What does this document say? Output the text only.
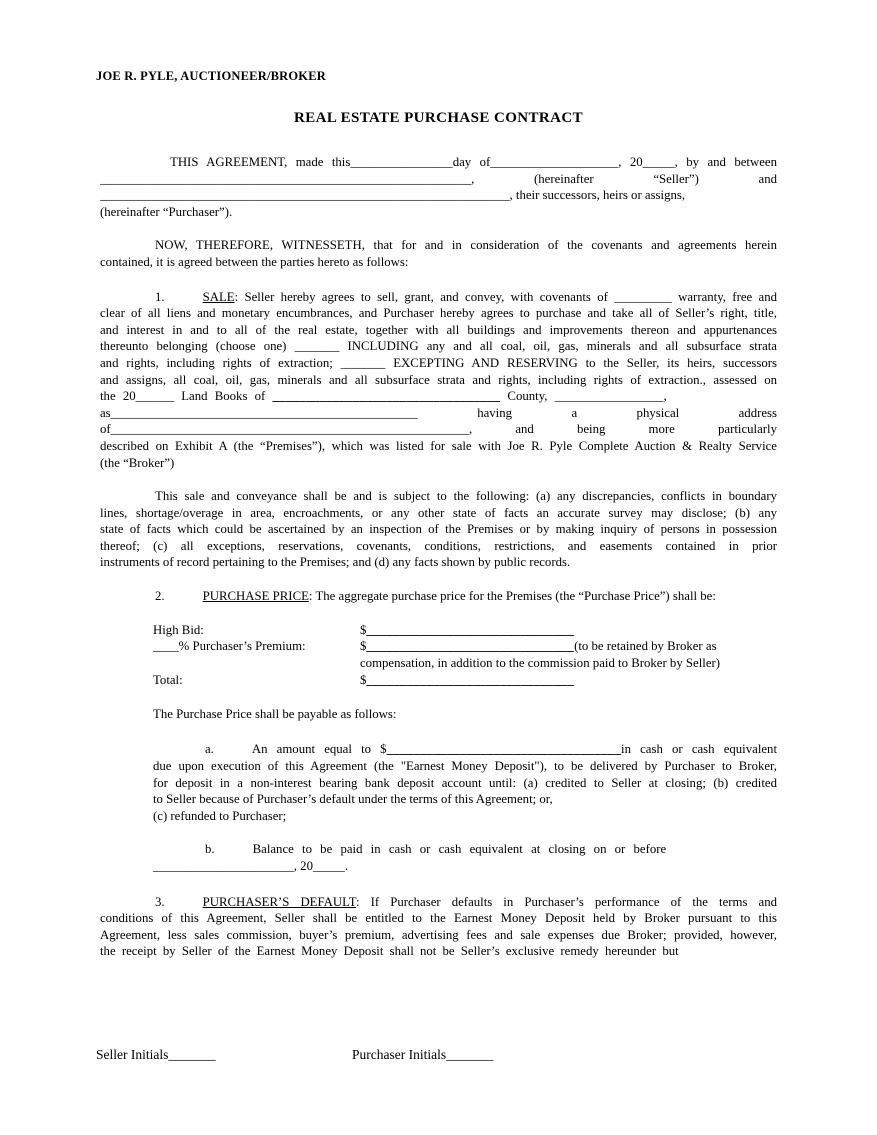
JOE R. PYLE, AUCTIONEER/BROKER
REAL ESTATE PURCHASE CONTRACT
THIS AGREEMENT, made this________________day of____________________, 20_____, by and between
__________________________________________________________, (hereinafter “Seller”) and
________________________________________________________________, their successors, heirs or assigns,
(hereinafter “Purchaser”).
NOW, THEREFORE, WITNESSETH, that for and in consideration of the covenants and agreements herein
contained, it is agreed between the parties hereto as follows:
1.	SALE: Seller hereby agrees to sell, grant, and convey, with covenants of _________ warranty, free and
clear of all liens and monetary encumbrances, and Purchaser hereby agrees to purchase and take all of Seller’s right, title,
and interest in and to all of the real estate, together with all buildings and improvements thereon and appurtenances
thereunto belonging (choose one) _______ INCLUDING any and all coal, oil, gas, minerals and all subsurface strata
and rights, including rights of extraction; _______ EXCEPTING AND RESERVING to the Seller, its heirs, successors
and assigns, all coal, oil, gas, minerals and all subsurface strata and rights, including rights of extraction., assessed on
the 20______ Land Books of __________________________________ County, _________________,
as________________________________________________ having a physical address
of________________________________________________________, and being more particularly
described on Exhibit A (the “Premises”), which was listed for sale with Joe R. Pyle Complete Auction & Realty Service
(the “Broker”)
This sale and conveyance shall be and is subject to the following: (a) any discrepancies, conflicts in boundary
lines, shortage/overage in area, encroachments, or any other state of facts an accurate survey may disclose; (b) any
state of facts which could be ascertained by an inspection of the Premises or by making inquiry of persons in possession
thereof; (c) all exceptions, reservations, covenants, conditions, restrictions, and easements contained in prior
instruments of record pertaining to the Premises; and (d) any facts shown by public records.
2.	PURCHASE PRICE: The aggregate purchase price for the Premises (the “Purchase Price”) shall be:
High Bid:	$_______________________________
____% Purchaser’s Premium:	$_______________________________(to be retained by Broker as
compensation, in addition to the commission paid to Broker by Seller)
Total:	$_______________________________
The Purchase Price shall be payable as follows:
a.	An amount equal to $___________________________________in cash or cash equivalent
due upon execution of this Agreement (the "Earnest Money Deposit"), to be delivered by Purchaser to Broker,
for deposit in a non-interest bearing bank deposit account until: (a) credited to Seller at closing; (b) credited
to Seller because of Purchaser’s default under the terms of this Agreement; or,
(c) refunded to Purchaser;
b.	Balance to be paid in cash or cash equivalent at closing on or before
______________________, 20_____.
3.	PURCHASER’S DEFAULT: If Purchaser defaults in Purchaser’s performance of the terms and
conditions of this Agreement, Seller shall be entitled to the Earnest Money Deposit held by Broker pursuant to this
Agreement, less sales commission, buyer’s premium, advertising fees and sale expenses due Broker; provided, however,
the receipt by Seller of the Earnest Money Deposit shall not be Seller’s exclusive remedy hereunder but
Seller Initials_______	Purchaser Initials_______
